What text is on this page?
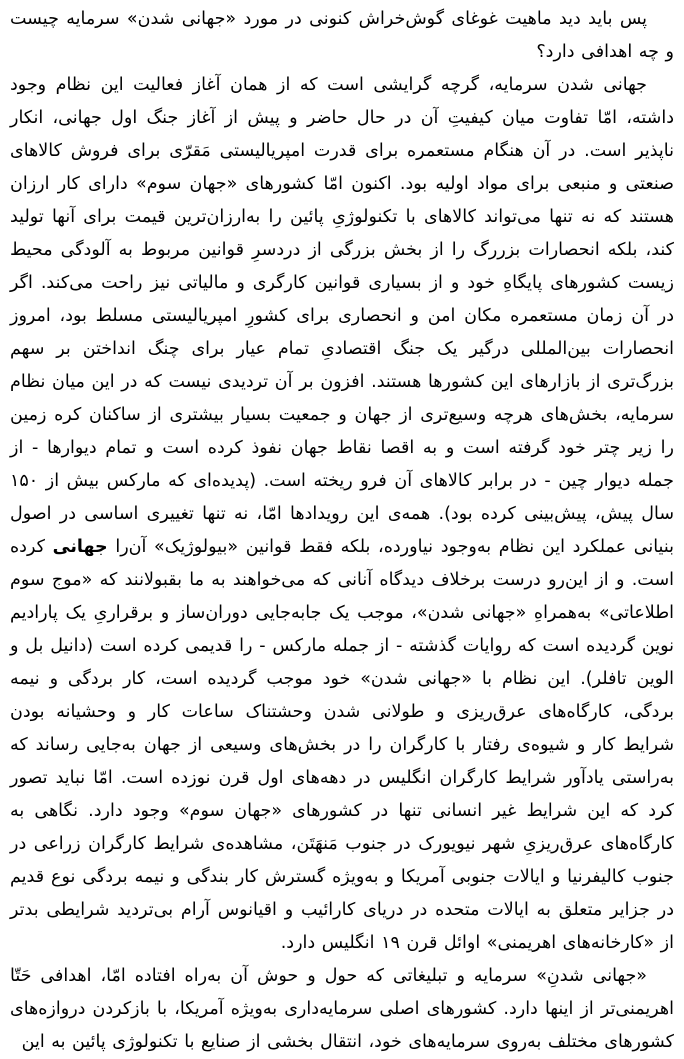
پس باید دید ماهیت غوغای گوش‌خراش کنونی در مورد «جهانی شدن» سرمایه چیست و چه اهدافی دارد؟

جهانی شدن سرمایه، گرچه گرایشی است که از همان آغاز فعالیت این نظام وجود داشته، امّا تفاوت میان کیفیتِ آن در حال حاضر و پیش از آغاز جنگ اول جهانی، انکار ناپذیر است. در آن هنگام مستعمره برای قدرت امپریالیستی مَقرّی برای فروش کالاهای صنعتی و منبعی برای مواد اولیه بود. اکنون امّا کشورهای «جهان سوم» دارای کار ارزان هستند که نه تنها می‌تواند کالاهای با تکنولوژیِ پائین را به‌ارزان‌ترین قیمت برای آنها تولید کند، بلکه انحصارات بزررگ را از بخش بزرگی از دردسرِ قوانین مربوط به آلودگی محیط زیست کشورهای پایگاهِ خود و از بسیاری قوانین کارگری و مالیاتی نیز راحت می‌کند. اگر در آن زمان مستعمره مکان امن و انحصاری برای کشورِ امپریالیستی مسلط بود، امروز انحصارات بین‌المللی درگیر یک جنگ اقتصادیِ تمام عیار برای چنگ انداختن بر سهم بزرگ‌تری از بازارهای این کشورها هستند. افزون بر آن تردیدی نیست که در این میان نظام سرمایه، بخش‌های هرچه وسیع‌تری از جهان و جمعیت بسیار بیشتری از ساکنان کره زمین را زیر چتر خود گرفته است و به اقصا نقاط جهان نفوذ کرده است و تمام دیوارها - از جمله دیوار چین - در برابر کالاهای آن فرو ریخته است. (پدیده‌ای که مارکس بیش از ۱۵۰ سال پیش، پیش‌بینی کرده بود). همه‌ی این رویدادها امّا، نه تنها تغییری اساسی در اصول بنیانی عملکرد این نظام به‌وجود نیاورده، بلکه فقط قوانین «بیولوژیک» آن‌را جهانی کرده است. و از این‌رو درست برخلاف دیدگاه آنانی که می‌خواهند به ما بقبولانند که «موج سوم اطلاعاتی» به‌همراهِ «جهانی شدن»، موجب یک جابه‌جایی دوران‌ساز و برقراریِ یک پارادیم نوین گردیده است که روایات گذشته - از جمله مارکس - را قدیمی کرده است (دانیل بل و الوین تافلر). این نظام با «جهانی شدن» خود موجب گردیده است، کار بردگی و نیمه بردگی، کارگاه‌های عرق‌ریزی و طولانی شدن وحشتناک ساعات کار و وحشیانه بودن شرایط کار و شیوه‌ی رفتار با کارگران را در بخش‌های وسیعی از جهان به‌جایی رساند که به‌راستی یادآور شرایط کارگران انگلیس در دهه‌های اول قرن نوزده است. امّا نباید تصور کرد که این شرایط غیر انسانی تنها در کشورهای «جهان سوم» وجود دارد. نگاهی به کارگاه‌های عرق‌ریزیِ شهر نیویورک در جنوب مَنهَتَن، مشاهده‌ی شرایط کارگران زراعی در جنوب کالیفرنیا و ایالات جنوبی آمریکا و به‌ویژه گسترش کار بندگی و نیمه بردگی نوع قدیم در جزایر متعلق به ایالات متحده در دریای کارائیب و اقیانوس آرام بی‌تردید شرایطی بدتر از «کارخانه‌های اهریمنی» اوائل قرن ۱۹ انگلیس دارد.

«جهانی شدنِ» سرمایه و تبلیغاتی که حول و حوش آن به‌راه افتاده امّا، اهدافی حَتّا اهریمنی‌تر از اینها دارد. کشورهای اصلی سرمایه‌داری به‌ویژه آمریکا، با بازکردن دروازه‌های کشورهای مختلف به‌روی سرمایه‌های خود، انتقال بخشی از صنایع با تکنولوژی پائین به این
